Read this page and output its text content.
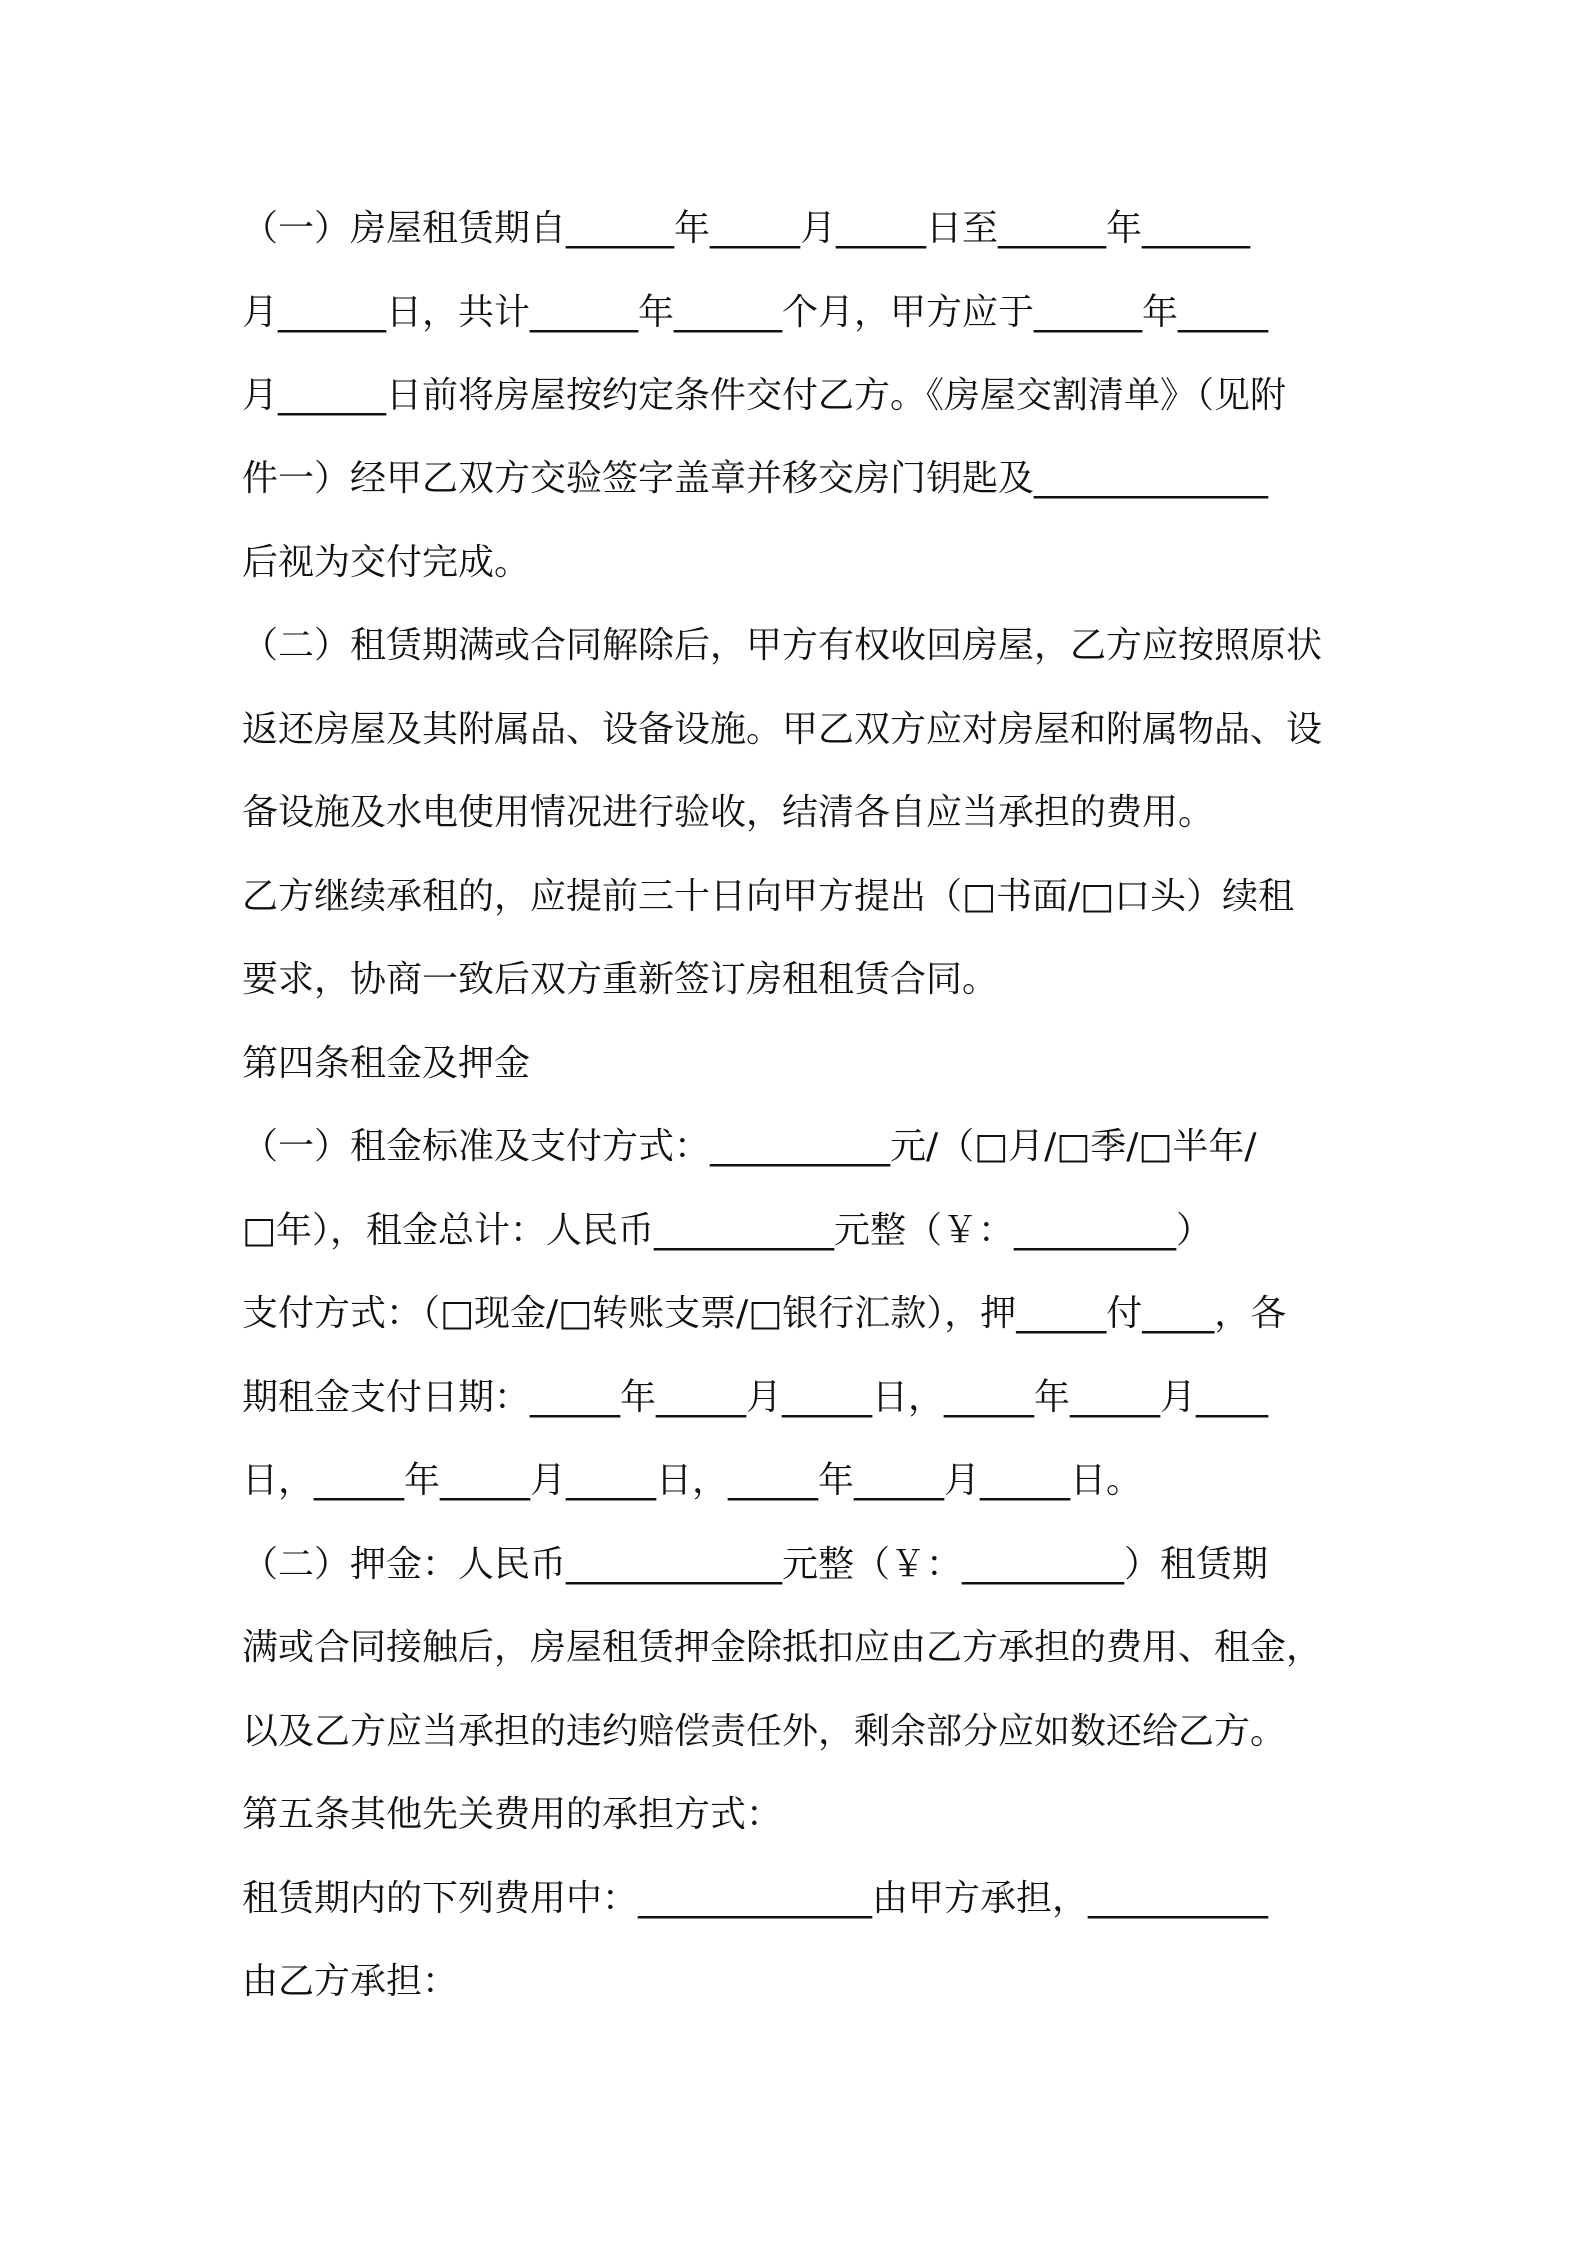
（一）房屋租赁期自______年_____月_____日至______年______
月______日，共计______年______个月，甲方应于______年_____
月______日前将房屋按约定条件交付乙方。《房屋交割清单》（见附
件一）经甲乙双方交验签字盖章并移交房门钥匙及_____________
后视为交付完成。
（二）租赁期满或合同解除后，甲方有权收回房屋，乙方应按照原状
返还房屋及其附属品、设备设施。甲乙双方应对房屋和附属物品、设
备设施及水电使用情况进行验收，结清各自应当承担的费用。
乙方继续承租的，应提前三十日向甲方提出（□书面/□口头）续租
要求，协商一致后双方重新签订房租租赁合同。
第四条租金及押金
（一）租金标准及支付方式：__________元/（□月/□季/□半年/
□年），租金总计：人民币__________元整（￥：_________）
支付方式：（□现金/□转账支票/□银行汇款），押_____付____，各
期租金支付日期：_____年_____月_____日，_____年_____月____
日，_____年_____月_____日，_____年_____月_____日。
（二）押金：人民币____________元整（￥：_________）租赁期
满或合同接触后，房屋租赁押金除抵扣应由乙方承担的费用、租金，
以及乙方应当承担的违约赔偿责任外，剩余部分应如数还给乙方。
第五条其他先关费用的承担方式：
租赁期内的下列费用中：_____________由甲方承担，__________
由乙方承担：
